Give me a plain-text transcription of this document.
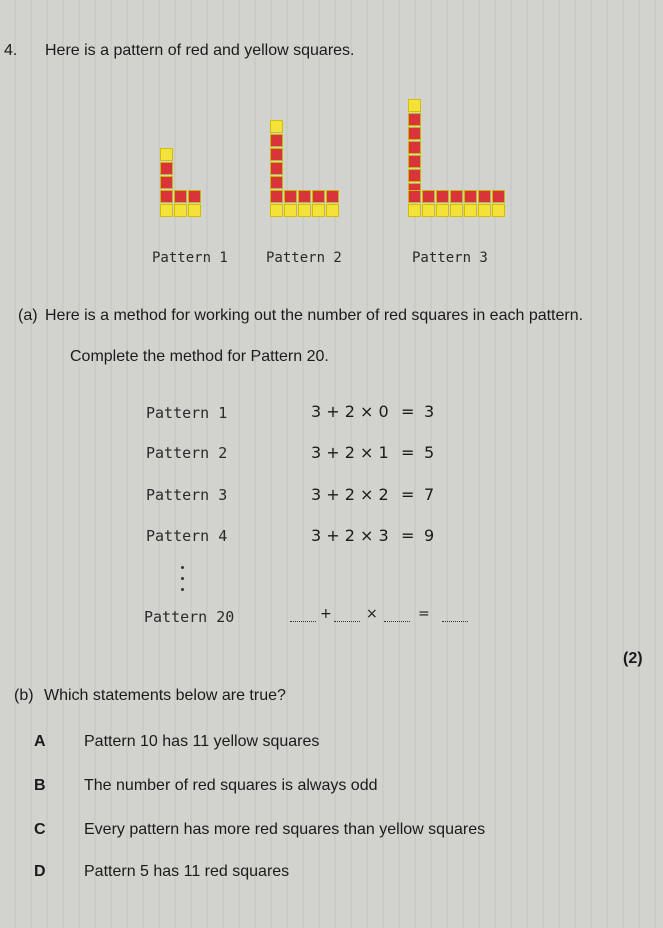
4. Here is a pattern of red and yellow squares.
Pattern 1	Pattern 2	Pattern 3
(a) Here is a method for working out the number of red squares in each pattern.
Complete the method for Pattern 20.
Pattern 1	3 + 2 × 0 = 3
Pattern 2	3 + 2 × 1 = 5
Pattern 3	3 + 2 × 2 = 7
Pattern 4	3 + 2 × 3 = 9
Pattern 20	+ ×	=
(2)
(b) Which statements below are true?
A Pattern 10 has 11 yellow squares
B The number of red squares is always odd
C Every pattern has more red squares than yellow squares
D Pattern 5 has 11 red squares
